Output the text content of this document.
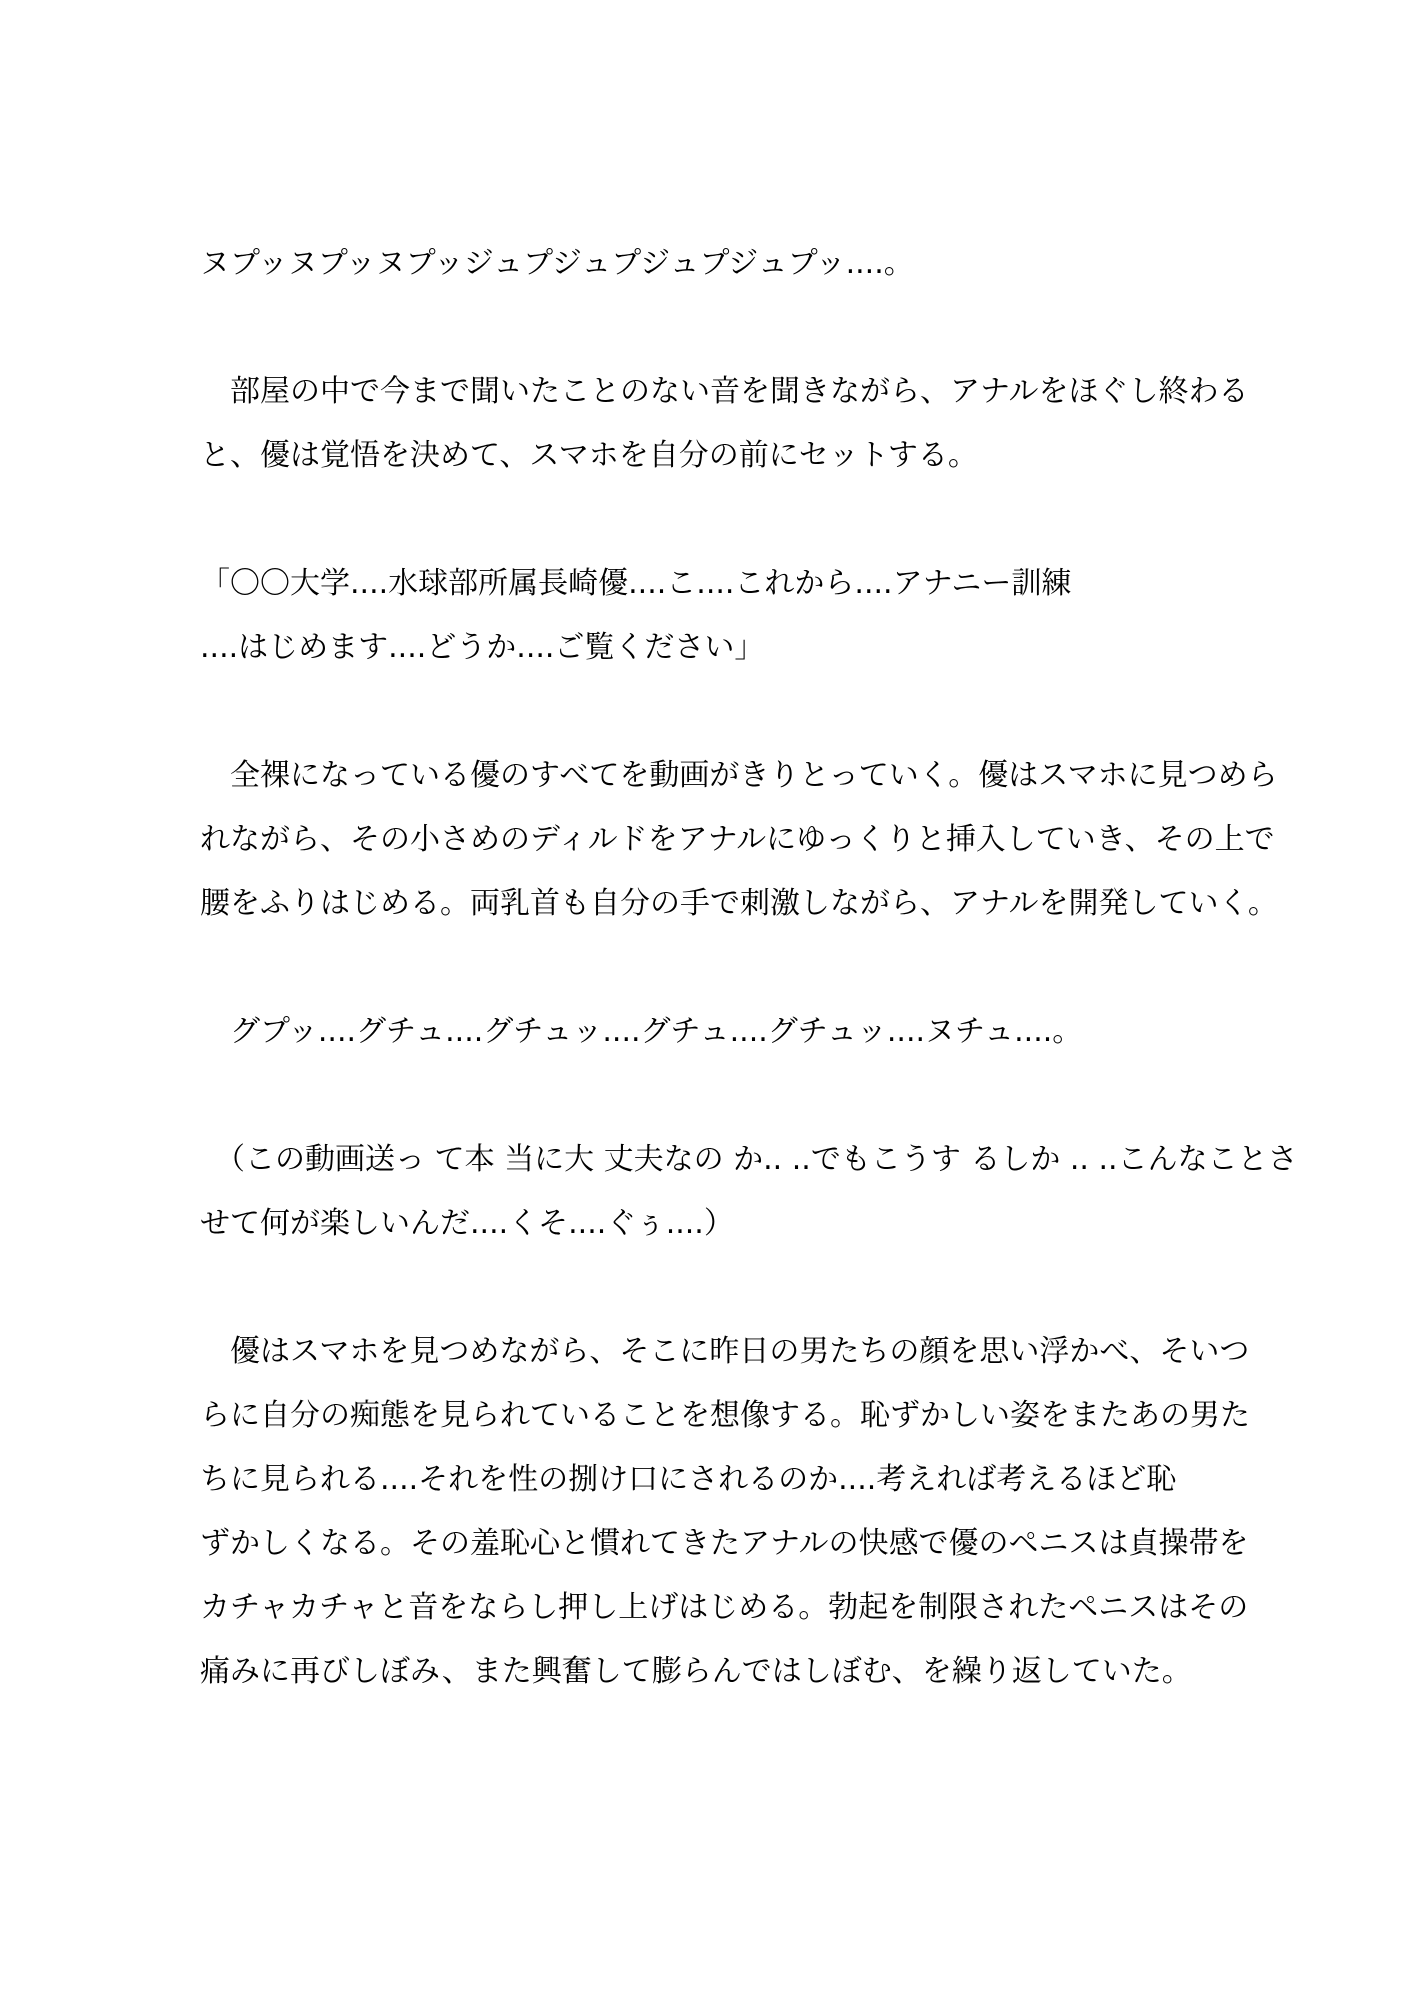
ヌプッヌプッヌプッジュプジュプジュプジュプッ....。

　部屋の中で今まで聞いたことのない音を聞きながら、アナルをほぐし終わる
と、優は覚悟を決めて、スマホを自分の前にセットする。

「〇〇大学....水球部所属長崎優....こ....これから....アナニー訓練
....はじめます....どうか....ご覧ください」

　全裸になっている優のすべてを動画がきりとっていく。優はスマホに見つめら
れながら、その小さめのディルドをアナルにゆっくりと挿入していき、その上で
腰をふりはじめる。両乳首も自分の手で刺激しながら、アナルを開発していく。

　グプッ....グチュ....グチュッ....グチュ....グチュッ....ヌチュ....。

　（この動画送っ て本 当に大 丈夫なの か.. ..でもこうす るしか .. ..こんなことさ
せて何が楽しいんだ....くそ....ぐぅ....）

　優はスマホを見つめながら、そこに昨日の男たちの顔を思い浮かべ、そいつ
らに自分の痴態を見られていることを想像する。恥ずかしい姿をまたあの男た
ちに見られる....それを性の捌け口にされるのか....考えれば考えるほど恥
ずかしくなる。その羞恥心と慣れてきたアナルの快感で優のペニスは貞操帯を
カチャカチャと音をならし押し上げはじめる。勃起を制限されたペニスはその
痛みに再びしぼみ、また興奮して膨らんではしぼむ、を繰り返していた。
